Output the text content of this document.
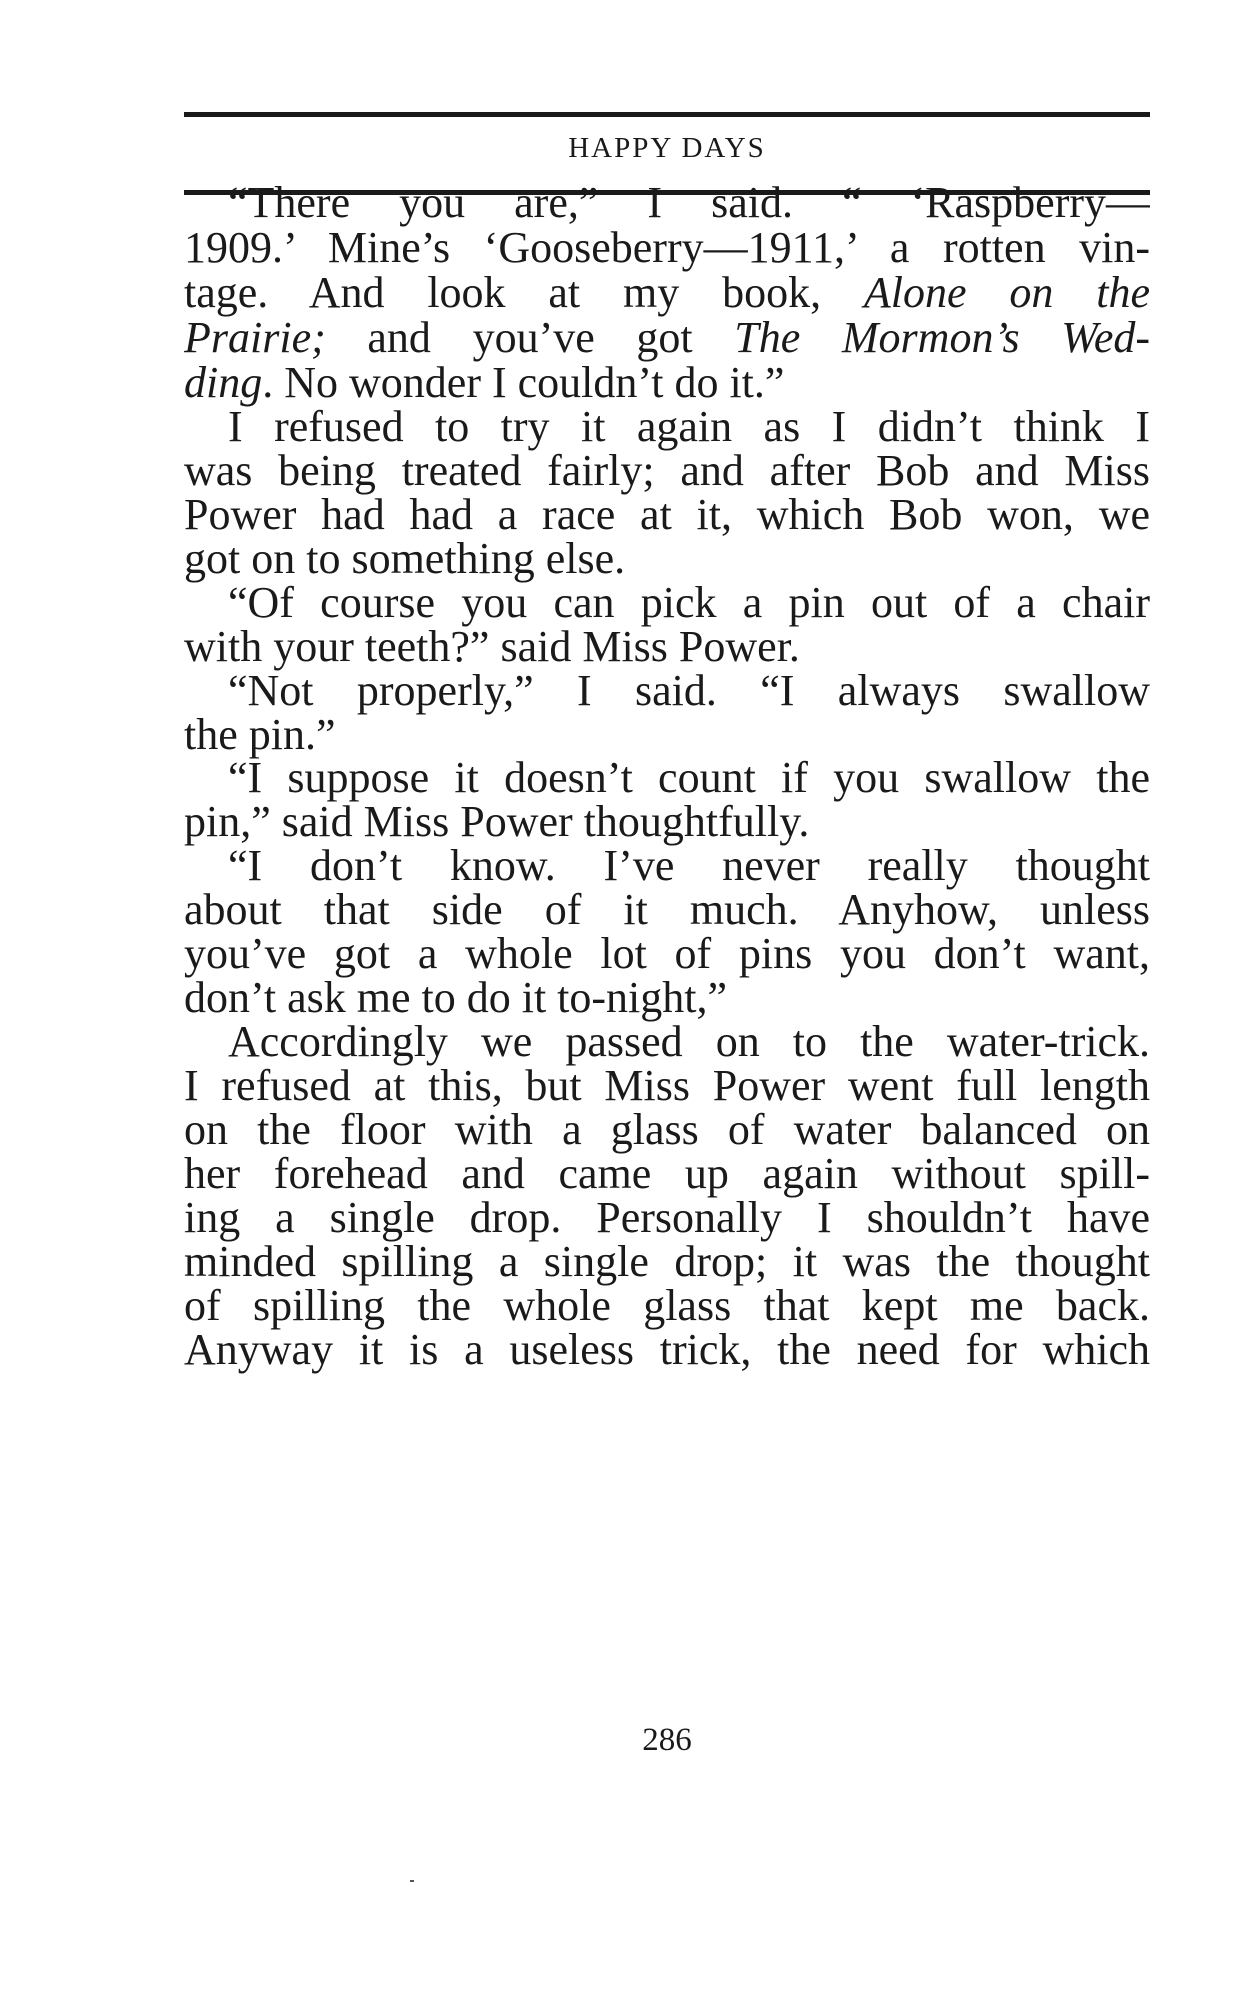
HAPPY DAYS
“There you are,” I said. “ ‘Raspberry—
1909.’ Mine’s ‘Gooseberry—1911,’ a rotten vin-
tage. And look at my book, Alone on the
Prairie; and you’ve got The Mormon’s Wed-
ding. No wonder I couldn’t do it.”
I refused to try it again as I didn’t think I
was being treated fairly; and after Bob and Miss
Power had had a race at it, which Bob won, we
got on to something else.
“Of course you can pick a pin out of a chair
with your teeth?” said Miss Power.
“Not properly,” I said. “I always swallow
the pin.”
“I suppose it doesn’t count if you swallow the
pin,” said Miss Power thoughtfully.
“I don’t know. I’ve never really thought
about that side of it much. Anyhow, unless
you’ve got a whole lot of pins you don’t want,
don’t ask me to do it to-night,”
Accordingly we passed on to the water-trick.
I refused at this, but Miss Power went full length
on the floor with a glass of water balanced on
her forehead and came up again without spill-
ing a single drop. Personally I shouldn’t have
minded spilling a single drop; it was the thought
of spilling the whole glass that kept me back.
Anyway it is a useless trick, the need for which
286
